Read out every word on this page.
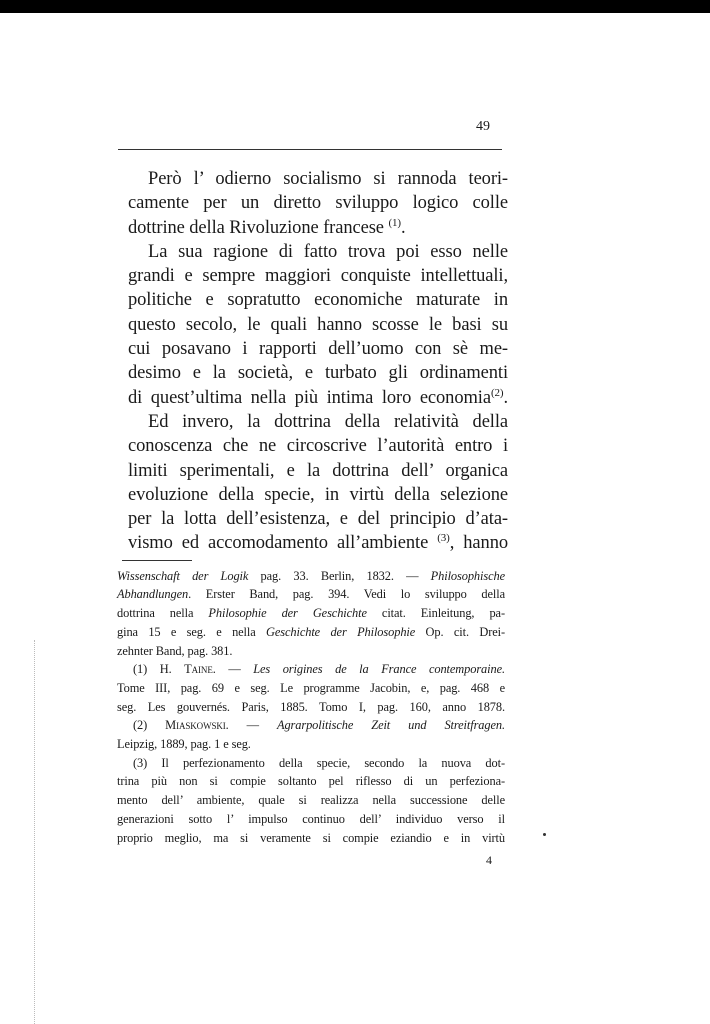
49
Però l’ odierno socialismo si rannoda teori-
camente per un diretto sviluppo logico colle
dottrine della Rivoluzione francese $^{(1)}$.
La sua ragione di fatto trova poi esso nelle
grandi e sempre maggiori conquiste intellettuali,
politiche e sopratutto economiche maturate in
questo secolo, le quali hanno scosse le basi su
cui posavano i rapporti dell’uomo con sè me-
desimo e la società, e turbato gli ordinamenti
di quest’ultima nella più intima loro economia$^{(2)}$.
Ed invero, la dottrina della relatività della
conoscenza che ne circoscrive l’autorità entro i
limiti sperimentali, e la dottrina dell’ organica
evoluzione della specie, in virtù della selezione
per la lotta dell’esistenza, e del principio d’ata-
vismo ed accomodamento all’ambiente $^{(3)}$, hanno
Wissenschaft der Logik pag. 33. Berlin, 1832. — Philosophische
Abhandlungen. Erster Band, pag. 394. Vedi lo sviluppo della
dottrina nella Philosophie der Geschichte citat. Einleitung, pa-
gina 15 e seg. e nella Geschichte der Philosophie Op. cit. Drei-
zehnter Band, pag. 381.
(1) H. Taine. — Les origines de la France contemporaine.
Tome III, pag. 69 e seg. Le programme Jacobin, e, pag. 468 e
seg. Les gouvernés. Paris, 1885. Tomo I, pag. 160, anno 1878.
(2) Miaskowski. — Agrarpolitische Zeit und Streitfragen.
Leipzig, 1889, pag. 1 e seg.
(3) Il perfezionamento della specie, secondo la nuova dot-
trina più non si compie soltanto pel riflesso di un perfeziona-
mento dell’ ambiente, quale si realizza nella successione delle
generazioni sotto l’ impulso continuo dell’ individuo verso il
proprio meglio, ma si veramente si compie eziandio e in virtù
4
